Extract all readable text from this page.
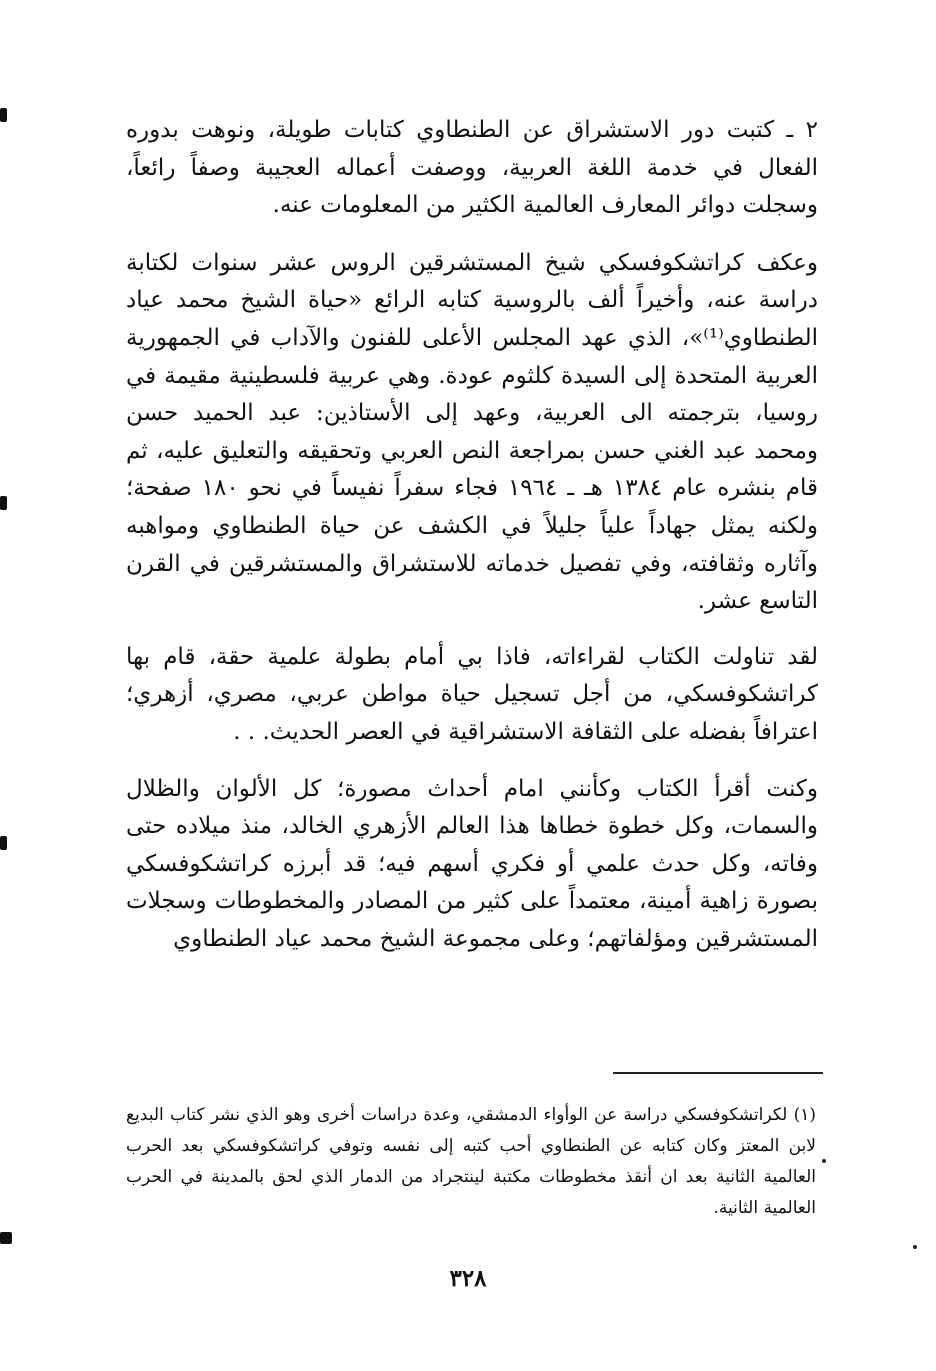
٢ ـ كتبت دور الاستشراق عن الطنطاوي كتابات طويلة، ونوهت بدوره الفعال في خدمة اللغة العربية، ووصفت أعماله العجيبة وصفاً رائعاً، وسجلت دوائر المعارف العالمية الكثير من المعلومات عنه.

وعكف كراتشكوفسكي شيخ المستشرقين الروس عشر سنوات لكتابة دراسة عنه، وأخيراً ألف بالروسية كتابه الرائع «حياة الشيخ محمد عياد الطنطاوي⁽¹⁾»، الذي عهد المجلس الأعلى للفنون والآداب في الجمهورية العربية المتحدة إلى السيدة كلثوم عودة. وهي عربية فلسطينية مقيمة في روسيا، بترجمته الى العربية، وعهد إلى الأستاذين: عبد الحميد حسن ومحمد عبد الغني حسن بمراجعة النص العربي وتحقيقه والتعليق عليه، ثم قام بنشره عام ١٣٨٤ هـ ـ ١٩٦٤ فجاء سفراً نفيساً في نحو ١٨٠ صفحة؛ ولكنه يمثل جهاداً علياً جليلاً في الكشف عن حياة الطنطاوي ومواهبه وآثاره وثقافته، وفي تفصيل خدماته للاستشراق والمستشرقين في القرن التاسع عشر.

لقد تناولت الكتاب لقراءاته، فاذا بي أمام بطولة علمية حقة، قام بها كراتشكوفسكي، من أجل تسجيل حياة مواطن عربي، مصري، أزهري؛ اعترافاً بفضله على الثقافة الاستشراقية في العصر الحديث. . .

وكنت أقرأ الكتاب وكأنني امام أحداث مصورة؛ كل الألوان والظلال والسمات، وكل خطوة خطاها هذا العالم الأزهري الخالد، منذ ميلاده حتى وفاته، وكل حدث علمي أو فكري أسهم فيه؛ قد أبرزه كراتشكوفسكي بصورة زاهية أمينة، معتمداً على كثير من المصادر والمخطوطات وسجلات المستشرقين ومؤلفاتهم؛ وعلى مجموعة الشيخ محمد عياد الطنطاوي

(١) لكراتشكوفسكي دراسة عن الوأواء الدمشقي، وعدة دراسات أخرى وهو الذي نشر كتاب البديع لابن المعتز وكان كتابه عن الطنطاوي أحب كتبه إلى نفسه وتوفي كراتشكوفسكي بعد الحرب العالمية الثانية بعد ان أنقذ مخطوطات مكتبة لينتجراد من الدمار الذي لحق بالمدينة في الحرب العالمية الثانية.
٣٢٨
